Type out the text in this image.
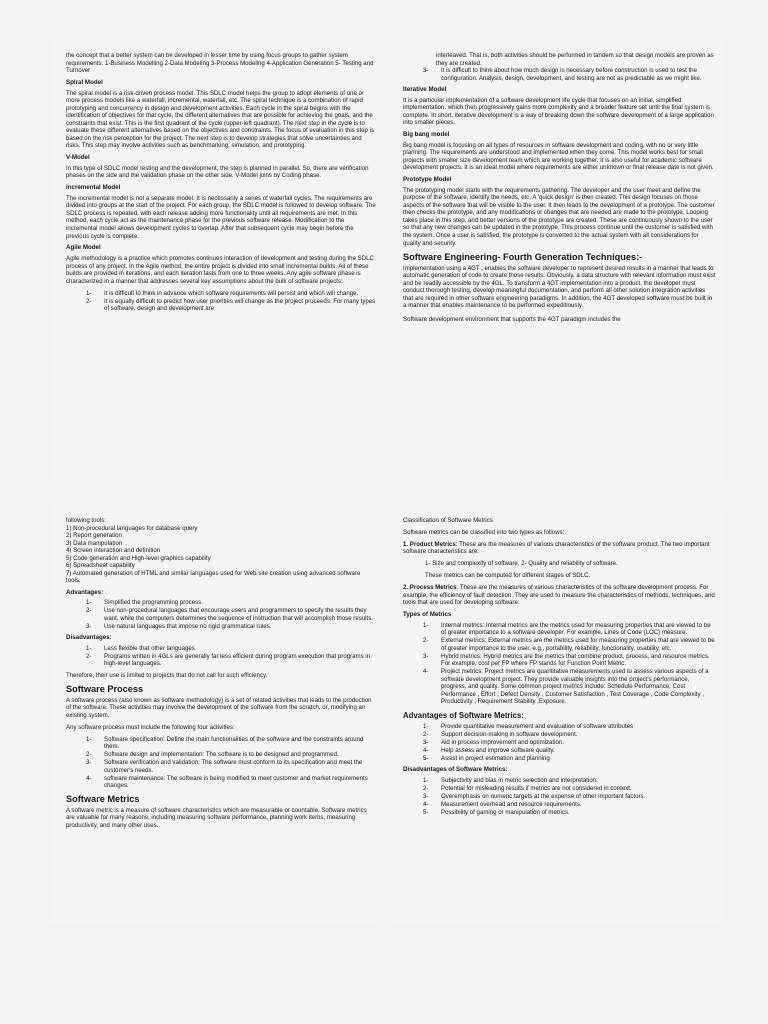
the concept that a better system can be developed in lesser time by using focus groups to gather system requirements. 1-Business Modelling 2-Data Modeling 3-Process Modeling 4-Application Generation 5- Testing and Turnover

Spiral Model

The spiral model is a risk-driven process model. This SDLC model helps the group to adopt elements of one or more process models like a waterfall, incremental, waterfall, etc. The spiral technique is a combination of rapid prototyping and concurrency in design and development activities. Each cycle in the spiral begins with the identification of objectives for that cycle, the different alternatives that are possible for achieving the goals, and the constraints that exist. This is the first quadrant of the cycle (upper-left quadrant). The next step in the cycle is to evaluate these different alternatives based on the objectives and constraints. The focus of evaluation in this step is based on the risk perception for the project. The next step is to develop strategies that solve uncertainties and risks. This step may involve activities such as benchmarking, simulation, and prototyping.

V-Model

In this type of SDLC model testing and the development, the step is planned in parallel. So, there are verification phases on the side and the validation phase on the other side. V-Model joins by Coding phase.

Incremental Model

The incremental model is not a separate model. It is necessarily a series of waterfall cycles. The requirements are divided into groups at the start of the project. For each group, the SDLC model is followed to develop software. The SDLC process is repeated, with each release adding more functionality until all requirements are met. In this method, each cycle act as the maintenance phase for the previous software release. Modification to the incremental model allows development cycles to overlap. After that subsequent cycle may begin before the previous cycle is complete.

Agile Model

Agile methodology is a practice which promotes continues interaction of development and testing during the SDLC process of any project. In the Agile method, the entire project is divided into small incremental builds. All of these builds are provided in iterations, and each iteration lasts from one to three weeks. Any agile software phase is characterized in a manner that addresses several key assumptions about the bulk of software projects:

1- It is difficult to think in advance which software requirements will persist and which will change.
2- It is equally difficult to predict how user priorities will change as the project proceeds. For many types of software, design and development are

interleaved. That is, both activities should be performed in tandem so that design models are proven as they are created.

3- It is difficult to think about how much design is necessary before construction is used to test the configuration. Analysis, design, development, and testing are not as predictable as we might like.
Iterative Model

It is a particular implementation of a software development life cycle that focuses on an initial, simplified implementation, which then progressively gains more complexity and a broader feature set until the final system is complete. In short, iterative development is a way of breaking down the software development of a large application into smaller pieces.

Big bang model

Big bang model is focusing on all types of resources in software development and coding, with no or very little planning. The requirements are understood and implemented when they come. This model works best for small projects with smaller size development team which are working together. It is also useful for academic software development projects. It is an ideal model where requirements are either unknown or final release date is not given.

Prototype Model

The prototyping model starts with the requirements gathering. The developer and the user meet and define the purpose of the software, identify the needs, etc. A 'quick design' is then created. This design focuses on those aspects of the software that will be visible to the user. It then leads to the development of a prototype. The customer then checks the prototype, and any modifications or changes that are needed are made to the prototype. Looping takes place in this step, and better versions of the prototype are created. These are continuously shown to the user so that any new changes can be updated in the prototype. This process continue until the customer is satisfied with the system. Once a user is satisfied, the prototype is converted to the actual system with all considerations for quality and security.

Software Engineering- Fourth Generation Techniques:-

Implementation using a 4GT , enables the software developer to represent desired results in a manner that leads to automatic generation of code to create those results. Obviously, a data structure with relevant information must exist and be readily accessible by the 4GL. To transform a 4GT implementation into a product, the developer must conduct thorough testing, develop meaningful documentation, and perform all other solution integration activities that are required in other software engineering paradigms. In addition, the 4GT developed software must be built in a manner that enables maintenance to be performed expeditiously.

Software development environment that supports the 4GT paradigm includes the

following tools:

1) Non-procedural languages for database query

2) Report generation

3) Data manipulation

4) Screen interaction and definition

5) Code generation and High-level graphics capability

6) Spreadsheet capability

7) Automated generation of HTML and similar languages used for Web-site creation using advanced software tools.

Advantages:
1- Simplified the programming process.
2- Use non-procedural languages that encourage users and programmers to specify the results they want, while the computers determines the sequence of instruction that will accomplish those results.
3- Use natural languages that impose no rigid grammatical rules.
Disadvantages:
1- Less flexible that other languages
2- Programs written in 4GLs are generally far less efficient during program execution that programs in high-level languages.

Therefore, their use is limited to projects that do not call for such efficiency.

Software Process

A software process (also known as software methodology) is a set of related activities that leads to the production of the software. These activities may involve the development of the software from the scratch, or, modifying an existing system.

Any software process must include the following four activities:

1- Software specification: Define the main functionalities of the software and the constraints around them.
2- Software design and implementation: The software is to be designed and programmed.
3- Software verification and validation: The software must conform to its specification and meet the customer's needs.
4- software maintenance: The software is being modified to meet customer and market requirements changes.
Software Metrics

A software metric is a measure of software characteristics which are measurable or countable. Software metrics are valuable for many reasons, including measuring software performance, planning work items, measuring productivity, and many other uses.

Classification of Software Metrics

Software metrics can be classified into two types as follows:

1. Product Metrics: These are the measures of various characteristics of the software product. The two important software characteristics are:

1- Size and complexity of software. 2- Quality and reliability of software.

These metrics can be computed for different stages of SDLC.

2. Process Metrics: These are the measures of various characteristics of the software development process. For example, the efficiency of fault detection. They are used to measure the characteristics of methods, techniques, and tools that are used for developing software.

Types of Metrics
1- Internal metrics: Internal metrics are the metrics used for measuring properties that are viewed to be of greater importance to a software developer. For example, Lines of Code (LOC) measure.
2- External metrics: External metrics are the metrics used for measuring properties that are viewed to be of greater importance to the user, e.g., portability, reliability, functionality, usability, etc.
3- Hybrid metrics: Hybrid metrics are the metrics that combine product, process, and resource metrics. For example, cost per FP where FP stands for Function Point Metric.
4- Project metrics: Project metrics are quantitative measurements used to assess various aspects of a software development project. They provide valuable insights into the project's performance, progress, and quality. Some common project metrics include: Schedule Performance, Cost Performance , Effort , Defect Density , Customer Satisfaction , Test Coverage , Code Complexity , Productivity , Requirement Stability ,Exposure.
Advantages of Software Metrics:
1- Provide quantitative measurement and evaluation of software attributes
2- Support decision-making in software development.
3- Aid in process improvement and optimization.
4- Help assess and improve software quality.
5- Assist in project estimation and planning
Disadvantages of Software Metrics:
1- Subjectivity and bias in metric selection and interpretation.
2- Potential for misleading results if metrics are not considered in context.
3- Overemphasis on numeric targets at the expense of other important factors.
4- Measurement overhead and resource requirements.
5- Possibility of gaming or manipulation of metrics.
